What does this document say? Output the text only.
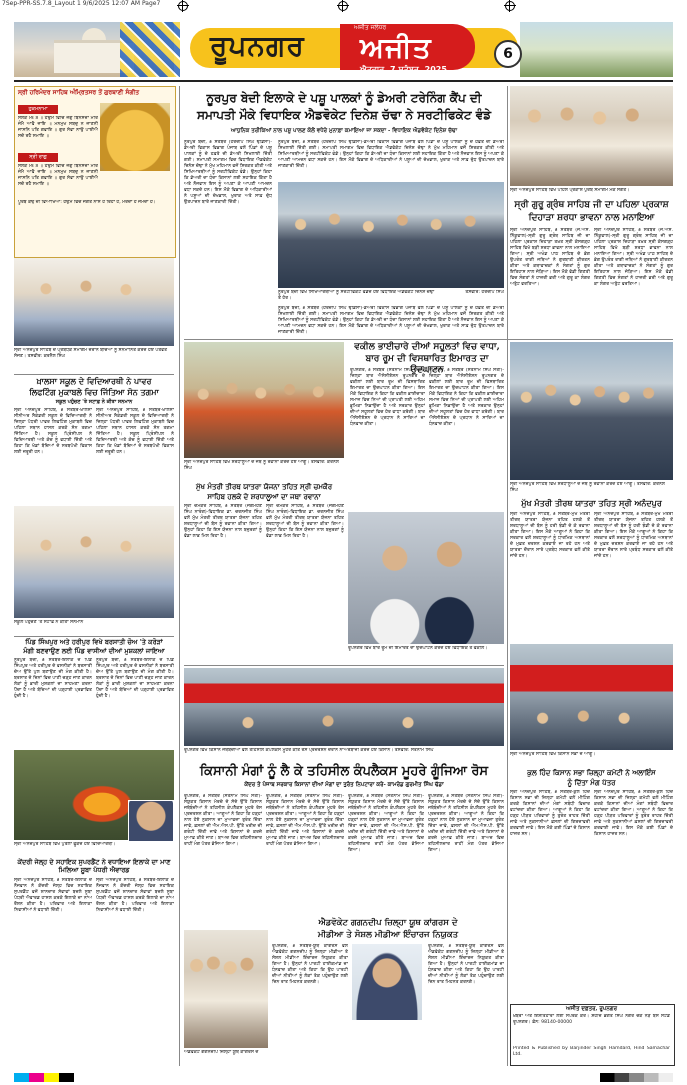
7Sep-PPR-SS.7.8_Layout 1 9/6/2025 12:07 AM Page7
ਰੂਪਨਗਰ
ਅਜੀਤ ਜਲੰਧਰ
ਅਜੀਤ
ਐਤਵਾਰ, 7 ਸਤੰਬਰ, 2025
6
ਸ੍ਰੀ ਹਰਿਮੰਦਰ ਸਾਹਿਬ ਅੰਮ੍ਰਿਤਸਰ ਤੋਂ ਗੁਰਬਾਣੀ ਸੰਗੀਤ
ਹੁਕਮਨਾਮਾ
ਸਲੋਕ ਮਃ ੩ ॥ ਹਉਮੈ ਵਿਚਿ ਜਗੁ ਬਿਨਸਦਾ ਮਰਿ ਜੰਮੈ ਆਵੈ ਜਾਇ ॥ ਮਨਮੁਖ ਸਬਦੁ ਨ ਜਾਣਨੀ ਜਾਸਨਿ ਪਤਿ ਗਵਾਇ ॥ ਗੁਰ ਸੇਵਾ ਨਾਉ ਪਾਈਐ ਸਚੇ ਰਹੈ ਸਮਾਇ ॥
ਸ੍ਰੀ ਰਾਗੁ
ਸਲੋਕ ਮਃ ੩ ॥ ਹਉਮੈ ਵਿਚਿ ਜਗੁ ਬਿਨਸਦਾ ਮਰਿ ਜੰਮੈ ਆਵੈ ਜਾਇ ॥ ਮਨਮੁਖ ਸਬਦੁ ਨ ਜਾਣਨੀ ਜਾਸਨਿ ਪਤਿ ਗਵਾਇ ॥ ਗੁਰ ਸੇਵਾ ਨਾਉ ਪਾਈਐ ਸਚੇ ਰਹੈ ਸਮਾਇ ॥
ਪੂਰਬ ਕੰਢੇ ਦੀ ਵਿਆਖਿਆ: ਹਉਮੈ ਵਿਚ ਜਗਤ ਨਾਸ ਹੋ ਰਿਹਾ ਹੈ, ਮਰਦਾ ਹੈ ਜੰਮਦਾ ਹੈ।
ਸ੍ਰੀ ਅਨੰਦਪੁਰ ਸਾਹਿਬ ਦੇ ਪ੍ਰਬੰਧਕ ਸਮਾਗਮ ਦੌਰਾਨ ਬੱਚਿਆਂ ਨੂੰ ਸਨਮਾਨਿਤ ਕਰਦੇ ਹੋਏ ਪਤਵੰਤੇ ਸੱਜਣ। ਤਸਵੀਰ: ਕਰਨੈਲ ਸਿੰਘ
ਨੂਰਪੁਰ ਬੇਦੀ ਇਲਾਕੇ ਦੇ ਪਸ਼ੂ ਪਾਲਕਾਂ ਨੂੰ ਡੇਅਰੀ ਟਰੇਨਿੰਗ ਕੈਂਪ ਦੀ
ਸਮਾਪਤੀ ਮੌਕੇ ਵਿਧਾਇਕ ਐਡਵੋਕੇਟ ਦਿਨੇਸ਼ ਚੱਢਾ ਨੇ ਸਰਟੀਫਿਕੇਟ ਵੰਡੇ
ਆਧੁਨਿਕ ਤਰੀਕਿਆਂ ਨਾਲ ਪਸ਼ੂ ਪਾਲਣ ਕੋਲੋਂ ਵਧੇਰੇ ਮੁਨਾਫ਼ਾ ਕਮਾਇਆ ਜਾ ਸਕਦਾ - ਵਿਧਾਇਕ ਐਡਵੋਕੇਟ ਦਿਨੇਸ਼ ਚੱਢਾ
ਨੂਰਪੁਰ ਬੇਦੀ, ੬ ਸਤੰਬਰ (ਹਰਦੀਪ ਸਿੰਘ ਢੀਂਡਸਾ)-ਡੇਅਰੀ ਵਿਕਾਸ ਵਿਭਾਗ ਪੰਜਾਬ ਵਲੋਂ ਪਿੰਡਾਂ ਦੇ ਪਸ਼ੂ ਪਾਲਕਾਂ ਨੂੰ ਦੋ ਹਫ਼ਤੇ ਦੀ ਡੇਅਰੀ ਸਿਖਲਾਈ ਦਿੱਤੀ ਗਈ। ਸਮਾਪਤੀ ਸਮਾਗਮ ਵਿਚ ਵਿਧਾਇਕ ਐਡਵੋਕੇਟ ਦਿਨੇਸ਼ ਚੱਢਾ ਨੇ ਮੁੱਖ ਮਹਿਮਾਨ ਵਜੋਂ ਸ਼ਿਰਕਤ ਕੀਤੀ ਅਤੇ ਸਿਖਿਆਰਥੀਆਂ ਨੂੰ ਸਰਟੀਫਿਕੇਟ ਵੰਡੇ। ਉਨ੍ਹਾਂ ਕਿਹਾ ਕਿ ਡੇਅਰੀ ਦਾ ਧੰਦਾ ਕਿਸਾਨਾਂ ਲਈ ਸਹਾਇਕ ਕਿੱਤਾ ਹੈ ਅਤੇ ਨੌਜਵਾਨ ਇਸ ਨੂੰ ਅਪਣਾ ਕੇ ਆਪਣੀ ਆਮਦਨ ਵਧਾ ਸਕਦੇ ਹਨ। ਇਸ ਮੌਕੇ ਵਿਭਾਗ ਦੇ ਅਧਿਕਾਰੀਆਂ ਨੇ ਪਸ਼ੂਆਂ ਦੀ ਦੇਖਭਾਲ, ਖੁਰਾਕ ਅਤੇ ਸਾਫ਼ ਦੁੱਧ ਉਤਪਾਦਨ ਬਾਰੇ ਜਾਣਕਾਰੀ ਦਿੱਤੀ।
ਨੂਰਪੁਰ ਬੇਦੀ, ੬ ਸਤੰਬਰ (ਹਰਦੀਪ ਸਿੰਘ ਢੀਂਡਸਾ)-ਡੇਅਰੀ ਵਿਕਾਸ ਵਿਭਾਗ ਪੰਜਾਬ ਵਲੋਂ ਪਿੰਡਾਂ ਦੇ ਪਸ਼ੂ ਪਾਲਕਾਂ ਨੂੰ ਦੋ ਹਫ਼ਤੇ ਦੀ ਡੇਅਰੀ ਸਿਖਲਾਈ ਦਿੱਤੀ ਗਈ। ਸਮਾਪਤੀ ਸਮਾਗਮ ਵਿਚ ਵਿਧਾਇਕ ਐਡਵੋਕੇਟ ਦਿਨੇਸ਼ ਚੱਢਾ ਨੇ ਮੁੱਖ ਮਹਿਮਾਨ ਵਜੋਂ ਸ਼ਿਰਕਤ ਕੀਤੀ ਅਤੇ ਸਿਖਿਆਰਥੀਆਂ ਨੂੰ ਸਰਟੀਫਿਕੇਟ ਵੰਡੇ। ਉਨ੍ਹਾਂ ਕਿਹਾ ਕਿ ਡੇਅਰੀ ਦਾ ਧੰਦਾ ਕਿਸਾਨਾਂ ਲਈ ਸਹਾਇਕ ਕਿੱਤਾ ਹੈ ਅਤੇ ਨੌਜਵਾਨ ਇਸ ਨੂੰ ਅਪਣਾ ਕੇ ਆਪਣੀ ਆਮਦਨ ਵਧਾ ਸਕਦੇ ਹਨ। ਇਸ ਮੌਕੇ ਵਿਭਾਗ ਦੇ ਅਧਿਕਾਰੀਆਂ ਨੇ ਪਸ਼ੂਆਂ ਦੀ ਦੇਖਭਾਲ, ਖੁਰਾਕ ਅਤੇ ਸਾਫ਼ ਦੁੱਧ ਉਤਪਾਦਨ ਬਾਰੇ ਜਾਣਕਾਰੀ ਦਿੱਤੀ।
ਨੂਰਪੁਰ ਬੇਦੀ ਵਿਖੇ ਸਿਖਿਆਰਥੀਆਂ ਨੂੰ ਸਰਟੀਫਿਕੇਟ ਵੰਡਦੇ ਹੋਏ ਵਿਧਾਇਕ ਐਡਵੋਕੇਟ ਦਿਨੇਸ਼ ਚੱਢਾ ਤੇ ਹੋਰ।
ਤਸਵੀਰ: ਹਰਦੀਪ ਸਿੰਘ
ਨੂਰਪੁਰ ਬੇਦੀ, ੬ ਸਤੰਬਰ (ਹਰਦੀਪ ਸਿੰਘ ਢੀਂਡਸਾ)-ਡੇਅਰੀ ਵਿਕਾਸ ਵਿਭਾਗ ਪੰਜਾਬ ਵਲੋਂ ਪਿੰਡਾਂ ਦੇ ਪਸ਼ੂ ਪਾਲਕਾਂ ਨੂੰ ਦੋ ਹਫ਼ਤੇ ਦੀ ਡੇਅਰੀ ਸਿਖਲਾਈ ਦਿੱਤੀ ਗਈ। ਸਮਾਪਤੀ ਸਮਾਗਮ ਵਿਚ ਵਿਧਾਇਕ ਐਡਵੋਕੇਟ ਦਿਨੇਸ਼ ਚੱਢਾ ਨੇ ਮੁੱਖ ਮਹਿਮਾਨ ਵਜੋਂ ਸ਼ਿਰਕਤ ਕੀਤੀ ਅਤੇ ਸਿਖਿਆਰਥੀਆਂ ਨੂੰ ਸਰਟੀਫਿਕੇਟ ਵੰਡੇ। ਉਨ੍ਹਾਂ ਕਿਹਾ ਕਿ ਡੇਅਰੀ ਦਾ ਧੰਦਾ ਕਿਸਾਨਾਂ ਲਈ ਸਹਾਇਕ ਕਿੱਤਾ ਹੈ ਅਤੇ ਨੌਜਵਾਨ ਇਸ ਨੂੰ ਅਪਣਾ ਕੇ ਆਪਣੀ ਆਮਦਨ ਵਧਾ ਸਕਦੇ ਹਨ। ਇਸ ਮੌਕੇ ਵਿਭਾਗ ਦੇ ਅਧਿਕਾਰੀਆਂ ਨੇ ਪਸ਼ੂਆਂ ਦੀ ਦੇਖਭਾਲ, ਖੁਰਾਕ ਅਤੇ ਸਾਫ਼ ਦੁੱਧ ਉਤਪਾਦਨ ਬਾਰੇ ਜਾਣਕਾਰੀ ਦਿੱਤੀ।
ਸ੍ਰੀ ਅਨੰਦਪੁਰ ਸਾਹਿਬ ਵਿਖੇ ਪਹਿਲੇ ਪ੍ਰਕਾਸ਼ ਪੁਰਬ ਸਮਾਗਮ ਮੌਕੇ ਸੰਗਤ।
ਸ੍ਰੀ ਗੁਰੂ ਗ੍ਰੰਥ ਸਾਹਿਬ ਜੀ ਦਾ ਪਹਿਲਾ ਪ੍ਰਕਾਸ਼
ਦਿਹਾੜਾ ਸ਼ਰਧਾ ਭਾਵਨਾ ਨਾਲ ਮਨਾਇਆ
ਸ੍ਰੀ ਅਨੰਦਪੁਰ ਸਾਹਿਬ, ੬ ਸਤੰਬਰ (ਜੇ.ਐਸ. ਨਿੱਕੂਵਾਲ)-ਸ੍ਰੀ ਗੁਰੂ ਗ੍ਰੰਥ ਸਾਹਿਬ ਜੀ ਦਾ ਪਹਿਲਾ ਪ੍ਰਕਾਸ਼ ਦਿਹਾੜਾ ਤਖ਼ਤ ਸ੍ਰੀ ਕੇਸਗੜ੍ਹ ਸਾਹਿਬ ਵਿਖੇ ਬੜੀ ਸ਼ਰਧਾ ਭਾਵਨਾ ਨਾਲ ਮਨਾਇਆ ਗਿਆ। ਸ੍ਰੀ ਅਖੰਡ ਪਾਠ ਸਾਹਿਬ ਦੇ ਭੋਗ ਉਪਰੰਤ ਰਾਗੀ ਜਥਿਆਂ ਨੇ ਗੁਰਬਾਣੀ ਕੀਰਤਨ ਕੀਤਾ ਅਤੇ ਕਥਾਵਾਚਕਾਂ ਨੇ ਸੰਗਤਾਂ ਨੂੰ ਗੁਰ ਇਤਿਹਾਸ ਨਾਲ ਜੋੜਿਆ। ਇਸ ਮੌਕੇ ਵੱਡੀ ਗਿਣਤੀ ਵਿਚ ਸੰਗਤਾਂ ਨੇ ਹਾਜ਼ਰੀ ਭਰੀ ਅਤੇ ਗੁਰੂ ਕਾ ਲੰਗਰ ਅਤੁੱਟ ਵਰਤਿਆ।
ਸ੍ਰੀ ਅਨੰਦਪੁਰ ਸਾਹਿਬ, ੬ ਸਤੰਬਰ (ਜੇ.ਐਸ. ਨਿੱਕੂਵਾਲ)-ਸ੍ਰੀ ਗੁਰੂ ਗ੍ਰੰਥ ਸਾਹਿਬ ਜੀ ਦਾ ਪਹਿਲਾ ਪ੍ਰਕਾਸ਼ ਦਿਹਾੜਾ ਤਖ਼ਤ ਸ੍ਰੀ ਕੇਸਗੜ੍ਹ ਸਾਹਿਬ ਵਿਖੇ ਬੜੀ ਸ਼ਰਧਾ ਭਾਵਨਾ ਨਾਲ ਮਨਾਇਆ ਗਿਆ। ਸ੍ਰੀ ਅਖੰਡ ਪਾਠ ਸਾਹਿਬ ਦੇ ਭੋਗ ਉਪਰੰਤ ਰਾਗੀ ਜਥਿਆਂ ਨੇ ਗੁਰਬਾਣੀ ਕੀਰਤਨ ਕੀਤਾ ਅਤੇ ਕਥਾਵਾਚਕਾਂ ਨੇ ਸੰਗਤਾਂ ਨੂੰ ਗੁਰ ਇਤਿਹਾਸ ਨਾਲ ਜੋੜਿਆ। ਇਸ ਮੌਕੇ ਵੱਡੀ ਗਿਣਤੀ ਵਿਚ ਸੰਗਤਾਂ ਨੇ ਹਾਜ਼ਰੀ ਭਰੀ ਅਤੇ ਗੁਰੂ ਕਾ ਲੰਗਰ ਅਤੁੱਟ ਵਰਤਿਆ।
ਖ਼ਾਲਸਾ ਸਕੂਲ ਦੇ ਵਿਦਿਆਰਥੀ ਨੇ ਪਾਵਰ
ਲਿਫਟਿੰਗ ਮੁਕਾਬਲੇ ਵਿਚ ਜਿੱਤਿਆ ਸੋਨ ਤਗਮਾ
ਸਕੂਲ ਪਹੁੰਚਣ 'ਤੇ ਸਟਾਫ਼ ਨੇ ਕੀਤਾ ਸਨਮਾਨ
ਸ੍ਰੀ ਅਨੰਦਪੁਰ ਸਾਹਿਬ, ੬ ਸਤੰਬਰ-ਖ਼ਾਲਸਾ ਸੀਨੀਅਰ ਸੈਕੰਡਰੀ ਸਕੂਲ ਦੇ ਵਿਦਿਆਰਥੀ ਨੇ ਜ਼ਿਲ੍ਹਾ ਪੱਧਰੀ ਪਾਵਰ ਲਿਫਟਿੰਗ ਮੁਕਾਬਲੇ ਵਿਚ ਪਹਿਲਾ ਸਥਾਨ ਹਾਸਲ ਕਰਕੇ ਸੋਨ ਤਗਮਾ ਜਿੱਤਿਆ ਹੈ। ਸਕੂਲ ਪ੍ਰਿੰਸੀਪਲ ਨੇ ਵਿਦਿਆਰਥੀ ਅਤੇ ਕੋਚ ਨੂੰ ਵਧਾਈ ਦਿੱਤੀ ਅਤੇ ਕਿਹਾ ਕਿ ਖੇਡਾਂ ਬੱਚਿਆਂ ਦੇ ਸਰਬਪੱਖੀ ਵਿਕਾਸ ਲਈ ਜ਼ਰੂਰੀ ਹਨ।
ਸ੍ਰੀ ਅਨੰਦਪੁਰ ਸਾਹਿਬ, ੬ ਸਤੰਬਰ-ਖ਼ਾਲਸਾ ਸੀਨੀਅਰ ਸੈਕੰਡਰੀ ਸਕੂਲ ਦੇ ਵਿਦਿਆਰਥੀ ਨੇ ਜ਼ਿਲ੍ਹਾ ਪੱਧਰੀ ਪਾਵਰ ਲਿਫਟਿੰਗ ਮੁਕਾਬਲੇ ਵਿਚ ਪਹਿਲਾ ਸਥਾਨ ਹਾਸਲ ਕਰਕੇ ਸੋਨ ਤਗਮਾ ਜਿੱਤਿਆ ਹੈ। ਸਕੂਲ ਪ੍ਰਿੰਸੀਪਲ ਨੇ ਵਿਦਿਆਰਥੀ ਅਤੇ ਕੋਚ ਨੂੰ ਵਧਾਈ ਦਿੱਤੀ ਅਤੇ ਕਿਹਾ ਕਿ ਖੇਡਾਂ ਬੱਚਿਆਂ ਦੇ ਸਰਬਪੱਖੀ ਵਿਕਾਸ ਲਈ ਜ਼ਰੂਰੀ ਹਨ।
ਸਕੂਲ ਪਹੁੰਚਣ 'ਤੇ ਸਟਾਫ਼ ਨੇ ਕੀਤਾ ਸਨਮਾਨ
ਸ੍ਰੀ ਅਨੰਦਪੁਰ ਸਾਹਿਬ ਵਿਖੇ ਸ਼ਰਧਾਲੂਆਂ ਦੇ ਜਥੇ ਨੂੰ ਰਵਾਨਾ ਕਰਦੇ ਹੋਏ ਆਗੂ। ਤਸਵੀਰ: ਕਰਨੈਲ ਸਿੰਘ
ਵਕੀਲ ਭਾਈਚਾਰੇ ਦੀਆਂ ਸਹੂਲਤਾਂ ਵਿਚ ਵਾਧਾ,
ਬਾਰ ਰੂਮ ਦੀ ਵਿਸਥਾਰਿਤ ਇਮਾਰਤ ਦਾ ਉਦਘਾਟਨ
ਰੂਪਨਗਰ, ੬ ਸਤੰਬਰ (ਸਤਨਾਮ ਸਿੰਘ ਸੱਤੀ)-ਜ਼ਿਲ੍ਹਾ ਬਾਰ ਐਸੋਸੀਏਸ਼ਨ ਰੂਪਨਗਰ ਦੇ ਵਕੀਲਾਂ ਲਈ ਬਾਰ ਰੂਮ ਦੀ ਵਿਸਥਾਰਿਤ ਇਮਾਰਤ ਦਾ ਉਦਘਾਟਨ ਕੀਤਾ ਗਿਆ। ਇਸ ਮੌਕੇ ਵਿਧਾਇਕ ਨੇ ਕਿਹਾ ਕਿ ਵਕੀਲ ਭਾਈਚਾਰਾ ਸਮਾਜ ਵਿਚ ਨਿਆਂ ਦੀ ਪ੍ਰਾਪਤੀ ਲਈ ਅਹਿਮ ਭੂਮਿਕਾ ਨਿਭਾਉਂਦਾ ਹੈ ਅਤੇ ਸਰਕਾਰ ਉਨ੍ਹਾਂ ਦੀਆਂ ਸਹੂਲਤਾਂ ਵਿਚ ਹੋਰ ਵਾਧਾ ਕਰੇਗੀ। ਬਾਰ ਐਸੋਸੀਏਸ਼ਨ ਦੇ ਪ੍ਰਧਾਨ ਨੇ ਸਾਰਿਆਂ ਦਾ ਧੰਨਵਾਦ ਕੀਤਾ।
ਰੂਪਨਗਰ, ੬ ਸਤੰਬਰ (ਸਤਨਾਮ ਸਿੰਘ ਸੱਤੀ)-ਜ਼ਿਲ੍ਹਾ ਬਾਰ ਐਸੋਸੀਏਸ਼ਨ ਰੂਪਨਗਰ ਦੇ ਵਕੀਲਾਂ ਲਈ ਬਾਰ ਰੂਮ ਦੀ ਵਿਸਥਾਰਿਤ ਇਮਾਰਤ ਦਾ ਉਦਘਾਟਨ ਕੀਤਾ ਗਿਆ। ਇਸ ਮੌਕੇ ਵਿਧਾਇਕ ਨੇ ਕਿਹਾ ਕਿ ਵਕੀਲ ਭਾਈਚਾਰਾ ਸਮਾਜ ਵਿਚ ਨਿਆਂ ਦੀ ਪ੍ਰਾਪਤੀ ਲਈ ਅਹਿਮ ਭੂਮਿਕਾ ਨਿਭਾਉਂਦਾ ਹੈ ਅਤੇ ਸਰਕਾਰ ਉਨ੍ਹਾਂ ਦੀਆਂ ਸਹੂਲਤਾਂ ਵਿਚ ਹੋਰ ਵਾਧਾ ਕਰੇਗੀ। ਬਾਰ ਐਸੋਸੀਏਸ਼ਨ ਦੇ ਪ੍ਰਧਾਨ ਨੇ ਸਾਰਿਆਂ ਦਾ ਧੰਨਵਾਦ ਕੀਤਾ।
ਮੁੱਖ ਮੰਤਰੀ ਤੀਰਥ ਯਾਤਰਾ ਯੋਜਨਾ ਤਹਿਤ ਸ੍ਰੀ ਚਮਕੌਰ
ਸਾਹਿਬ ਹਲਕੇ ਦੇ ਸ਼ਰਧਾਲੂਆਂ ਦਾ ਜਥਾ ਰਵਾਨਾ
ਸ੍ਰੀ ਚਮਕੌਰ ਸਾਹਿਬ, ੬ ਸਤੰਬਰ (ਜਗਮੋਹਣ ਸਿੰਘ ਨਾਰੰਗ)-ਵਿਧਾਇਕ ਡਾ. ਚਰਨਜੀਤ ਸਿੰਘ ਵਲੋਂ ਮੁੱਖ ਮੰਤਰੀ ਤੀਰਥ ਯਾਤਰਾ ਯੋਜਨਾ ਤਹਿਤ ਸ਼ਰਧਾਲੂਆਂ ਦੀ ਬੱਸ ਨੂੰ ਰਵਾਨਾ ਕੀਤਾ ਗਿਆ। ਉਨ੍ਹਾਂ ਕਿਹਾ ਕਿ ਇਸ ਯੋਜਨਾ ਨਾਲ ਬਜ਼ੁਰਗਾਂ ਨੂੰ ਵੱਡਾ ਲਾਭ ਮਿਲ ਰਿਹਾ ਹੈ।
ਸ੍ਰੀ ਚਮਕੌਰ ਸਾਹਿਬ, ੬ ਸਤੰਬਰ (ਜਗਮੋਹਣ ਸਿੰਘ ਨਾਰੰਗ)-ਵਿਧਾਇਕ ਡਾ. ਚਰਨਜੀਤ ਸਿੰਘ ਵਲੋਂ ਮੁੱਖ ਮੰਤਰੀ ਤੀਰਥ ਯਾਤਰਾ ਯੋਜਨਾ ਤਹਿਤ ਸ਼ਰਧਾਲੂਆਂ ਦੀ ਬੱਸ ਨੂੰ ਰਵਾਨਾ ਕੀਤਾ ਗਿਆ। ਉਨ੍ਹਾਂ ਕਿਹਾ ਕਿ ਇਸ ਯੋਜਨਾ ਨਾਲ ਬਜ਼ੁਰਗਾਂ ਨੂੰ ਵੱਡਾ ਲਾਭ ਮਿਲ ਰਿਹਾ ਹੈ।
ਰੂਪਨਗਰ ਵਿਖੇ ਬਾਰ ਰੂਮ ਦੀ ਇਮਾਰਤ ਦਾ ਉਦਘਾਟਨ ਕਰਦੇ ਹੋਏ ਵਿਧਾਇਕ ਤੇ ਵਕੀਲ।
ਸ੍ਰੀ ਅਨੰਦਪੁਰ ਸਾਹਿਬ ਵਿਖੇ ਸ਼ਰਧਾਲੂਆਂ ਦੇ ਜਥੇ ਨੂੰ ਰਵਾਨਾ ਕਰਦੇ ਹੋਏ ਆਗੂ। ਤਸਵੀਰ: ਕਰਨੈਲ ਸਿੰਘ
ਮੁੱਖ ਮੰਤਰੀ ਤੀਰਥ ਯਾਤਰਾ ਤਹਿਤ ਸ੍ਰੀ ਅਨੰਦਪੁਰ
ਸ੍ਰੀ ਅਨੰਦਪੁਰ ਸਾਹਿਬ, ੬ ਸਤੰਬਰ-ਮੁੱਖ ਮੰਤਰੀ ਤੀਰਥ ਯਾਤਰਾ ਯੋਜਨਾ ਤਹਿਤ ਹਲਕੇ ਤੋਂ ਸ਼ਰਧਾਲੂਆਂ ਦੀ ਬੱਸ ਨੂੰ ਹਰੀ ਝੰਡੀ ਦੇ ਕੇ ਰਵਾਨਾ ਕੀਤਾ ਗਿਆ। ਇਸ ਮੌਕੇ ਆਗੂਆਂ ਨੇ ਕਿਹਾ ਕਿ ਸਰਕਾਰ ਵਲੋਂ ਸ਼ਰਧਾਲੂਆਂ ਨੂੰ ਧਾਰਮਿਕ ਅਸਥਾਨਾਂ ਦੇ ਮੁਫ਼ਤ ਦਰਸ਼ਨ ਕਰਵਾਏ ਜਾ ਰਹੇ ਹਨ ਅਤੇ ਯਾਤਰਾ ਦੌਰਾਨ ਸਾਰੇ ਪ੍ਰਬੰਧ ਸਰਕਾਰ ਵਲੋਂ ਕੀਤੇ ਜਾਂਦੇ ਹਨ।
ਸ੍ਰੀ ਅਨੰਦਪੁਰ ਸਾਹਿਬ, ੬ ਸਤੰਬਰ-ਮੁੱਖ ਮੰਤਰੀ ਤੀਰਥ ਯਾਤਰਾ ਯੋਜਨਾ ਤਹਿਤ ਹਲਕੇ ਤੋਂ ਸ਼ਰਧਾਲੂਆਂ ਦੀ ਬੱਸ ਨੂੰ ਹਰੀ ਝੰਡੀ ਦੇ ਕੇ ਰਵਾਨਾ ਕੀਤਾ ਗਿਆ। ਇਸ ਮੌਕੇ ਆਗੂਆਂ ਨੇ ਕਿਹਾ ਕਿ ਸਰਕਾਰ ਵਲੋਂ ਸ਼ਰਧਾਲੂਆਂ ਨੂੰ ਧਾਰਮਿਕ ਅਸਥਾਨਾਂ ਦੇ ਮੁਫ਼ਤ ਦਰਸ਼ਨ ਕਰਵਾਏ ਜਾ ਰਹੇ ਹਨ ਅਤੇ ਯਾਤਰਾ ਦੌਰਾਨ ਸਾਰੇ ਪ੍ਰਬੰਧ ਸਰਕਾਰ ਵਲੋਂ ਕੀਤੇ ਜਾਂਦੇ ਹਨ।
ਪਿੰਡ ਸਿੰਘਪੁਰ ਅਤੇ ਹਰੀਪੁਰ ਵਿਖੇ ਬਰਸਾਤੀ ਚੋਅ 'ਤੇ ਕਰੋੜਾਂ
ਮੰਗੀ ਬਣਵਾਉਣ ਲਈ ਪਿੰਡ ਵਾਸੀਆਂ ਦੀਆਂ ਮੁਸ਼ਕਲਾਂ ਜਾਇਆ
ਨੂਰਪੁਰ ਬੇਦੀ, ੬ ਸਤੰਬਰ-ਇਲਾਕੇ ਦੇ ਪਿੰਡ ਸਿੰਘਪੁਰ ਅਤੇ ਹਰੀਪੁਰ ਦੇ ਵਸਨੀਕਾਂ ਨੇ ਬਰਸਾਤੀ ਚੋਅ ਉੱਤੇ ਪੁਲ ਬਣਾਉਣ ਦੀ ਮੰਗ ਕੀਤੀ ਹੈ। ਬਰਸਾਤ ਦੇ ਦਿਨਾਂ ਵਿਚ ਪਾਣੀ ਚੜ੍ਹ ਜਾਣ ਕਾਰਨ ਲੋਕਾਂ ਨੂੰ ਭਾਰੀ ਮੁਸ਼ਕਲਾਂ ਦਾ ਸਾਹਮਣਾ ਕਰਨਾ ਪੈਂਦਾ ਹੈ ਅਤੇ ਬੱਚਿਆਂ ਦੀ ਪੜ੍ਹਾਈ ਪ੍ਰਭਾਵਿਤ ਹੁੰਦੀ ਹੈ।
ਨੂਰਪੁਰ ਬੇਦੀ, ੬ ਸਤੰਬਰ-ਇਲਾਕੇ ਦੇ ਪਿੰਡ ਸਿੰਘਪੁਰ ਅਤੇ ਹਰੀਪੁਰ ਦੇ ਵਸਨੀਕਾਂ ਨੇ ਬਰਸਾਤੀ ਚੋਅ ਉੱਤੇ ਪੁਲ ਬਣਾਉਣ ਦੀ ਮੰਗ ਕੀਤੀ ਹੈ। ਬਰਸਾਤ ਦੇ ਦਿਨਾਂ ਵਿਚ ਪਾਣੀ ਚੜ੍ਹ ਜਾਣ ਕਾਰਨ ਲੋਕਾਂ ਨੂੰ ਭਾਰੀ ਮੁਸ਼ਕਲਾਂ ਦਾ ਸਾਹਮਣਾ ਕਰਨਾ ਪੈਂਦਾ ਹੈ ਅਤੇ ਬੱਚਿਆਂ ਦੀ ਪੜ੍ਹਾਈ ਪ੍ਰਭਾਵਿਤ ਹੁੰਦੀ ਹੈ।
ਸ੍ਰੀ ਅਨੰਦਪੁਰ ਸਾਹਿਬ ਵਿਖੇ ਕਿਸਾਨ ਸਭਾ ਦੇ ਆਗੂ।
ਕੁਲ ਹਿੰਦ ਕਿਸਾਨ ਸਭਾ ਜ਼ਿਲ੍ਹਾ ਕਮੇਟੀ ਨੇ ਅਲਾਇੰਸ
ਨੂੰ ਦਿੱਤਾ ਮੰਗ ਪੱਤਰ
ਸ੍ਰੀ ਅਨੰਦਪੁਰ ਸਾਹਿਬ, ੬ ਸਤੰਬਰ-ਕੁਲ ਹਿੰਦ ਕਿਸਾਨ ਸਭਾ ਦੀ ਜ਼ਿਲ੍ਹਾ ਕਮੇਟੀ ਵਲੋਂ ਮੀਟਿੰਗ ਕਰਕੇ ਕਿਸਾਨਾਂ ਦੀਆਂ ਮੰਗਾਂ ਸਬੰਧੀ ਵਿਚਾਰ ਵਟਾਂਦਰਾ ਕੀਤਾ ਗਿਆ। ਆਗੂਆਂ ਨੇ ਕਿਹਾ ਕਿ ਹੜ੍ਹ ਪੀੜਤ ਪਰਿਵਾਰਾਂ ਨੂੰ ਤੁਰੰਤ ਰਾਹਤ ਦਿੱਤੀ ਜਾਵੇ ਅਤੇ ਨੁਕਸਾਨੀਆਂ ਫ਼ਸਲਾਂ ਦੀ ਗਿਰਦਾਵਰੀ ਕਰਵਾਈ ਜਾਵੇ। ਇਸ ਮੌਕੇ ਕਈ ਪਿੰਡਾਂ ਦੇ ਕਿਸਾਨ ਹਾਜ਼ਰ ਸਨ।
ਸ੍ਰੀ ਅਨੰਦਪੁਰ ਸਾਹਿਬ, ੬ ਸਤੰਬਰ-ਕੁਲ ਹਿੰਦ ਕਿਸਾਨ ਸਭਾ ਦੀ ਜ਼ਿਲ੍ਹਾ ਕਮੇਟੀ ਵਲੋਂ ਮੀਟਿੰਗ ਕਰਕੇ ਕਿਸਾਨਾਂ ਦੀਆਂ ਮੰਗਾਂ ਸਬੰਧੀ ਵਿਚਾਰ ਵਟਾਂਦਰਾ ਕੀਤਾ ਗਿਆ। ਆਗੂਆਂ ਨੇ ਕਿਹਾ ਕਿ ਹੜ੍ਹ ਪੀੜਤ ਪਰਿਵਾਰਾਂ ਨੂੰ ਤੁਰੰਤ ਰਾਹਤ ਦਿੱਤੀ ਜਾਵੇ ਅਤੇ ਨੁਕਸਾਨੀਆਂ ਫ਼ਸਲਾਂ ਦੀ ਗਿਰਦਾਵਰੀ ਕਰਵਾਈ ਜਾਵੇ। ਇਸ ਮੌਕੇ ਕਈ ਪਿੰਡਾਂ ਦੇ ਕਿਸਾਨ ਹਾਜ਼ਰ ਸਨ।
ਰੂਪਨਗਰ ਵਿਖੇ ਕਿਸਾਨ ਜਥੇਬੰਦੀਆਂ ਵਲੋਂ ਤਹਿਸੀਲ ਕੰਪਲੈਕਸ ਮੂਹਰੇ ਕੀਤੇ ਰੋਸ ਪ੍ਰਦਰਸ਼ਨ ਦੌਰਾਨ ਨਾਅਰੇਬਾਜ਼ੀ ਕਰਦੇ ਹੋਏ ਕਿਸਾਨ। ਤਸਵੀਰ: ਸਤਨਾਮ ਸਿੰਘ
ਸ੍ਰੀ ਅਨੰਦਪੁਰ ਸਾਹਿਬ ਵਿਖੇ ਪੁਤਲਾ ਫੂਕਦੇ ਹੋਏ ਵਿਦਿਆਰਥੀ।
ਕੇਂਦਰੀ ਜੇਲ੍ਹ ਦੇ ਸਹਾਇਕ ਸੁਪਰਡੈਂਟ ਨੇ ਵਧਾਇਆ ਇਲਾਕੇ ਦਾ ਮਾਣ ਮਿਲਿਆ ਸੂਬਾ ਪੱਧਰੀ ਐਵਾਰਡ
ਸ੍ਰੀ ਅਨੰਦਪੁਰ ਸਾਹਿਬ, ੬ ਸਤੰਬਰ-ਇਲਾਕੇ ਦੇ ਨੌਜਵਾਨ ਨੇ ਕੇਂਦਰੀ ਜੇਲ੍ਹ ਵਿਚ ਸਹਾਇਕ ਸੁਪਰਡੈਂਟ ਵਜੋਂ ਸ਼ਾਨਦਾਰ ਸੇਵਾਵਾਂ ਬਦਲੇ ਸੂਬਾ ਪੱਧਰੀ ਐਵਾਰਡ ਹਾਸਲ ਕਰਕੇ ਇਲਾਕੇ ਦਾ ਨਾਂਅ ਰੌਸ਼ਨ ਕੀਤਾ ਹੈ। ਪਰਿਵਾਰ ਅਤੇ ਇਲਾਕਾ ਨਿਵਾਸੀਆਂ ਨੇ ਵਧਾਈ ਦਿੱਤੀ।
ਸ੍ਰੀ ਅਨੰਦਪੁਰ ਸਾਹਿਬ, ੬ ਸਤੰਬਰ-ਇਲਾਕੇ ਦੇ ਨੌਜਵਾਨ ਨੇ ਕੇਂਦਰੀ ਜੇਲ੍ਹ ਵਿਚ ਸਹਾਇਕ ਸੁਪਰਡੈਂਟ ਵਜੋਂ ਸ਼ਾਨਦਾਰ ਸੇਵਾਵਾਂ ਬਦਲੇ ਸੂਬਾ ਪੱਧਰੀ ਐਵਾਰਡ ਹਾਸਲ ਕਰਕੇ ਇਲਾਕੇ ਦਾ ਨਾਂਅ ਰੌਸ਼ਨ ਕੀਤਾ ਹੈ। ਪਰਿਵਾਰ ਅਤੇ ਇਲਾਕਾ ਨਿਵਾਸੀਆਂ ਨੇ ਵਧਾਈ ਦਿੱਤੀ।
ਕਿਸਾਨੀ ਮੰਗਾਂ ਨੂੰ ਲੈ ਕੇ ਤਹਿਸੀਲ ਕੰਪਲੈਕਸ ਮੂਹਰੇ ਗੂੰਜਿਆ ਰੋਸ
ਕੇਂਦਰ ਤੇ ਪੰਜਾਬ ਸਰਕਾਰ ਕਿਸਾਨਾਂ ਦੀਆਂ ਮੰਗਾਂ ਦਾ ਤੁਰੰਤ ਨਿਪਟਾਰਾ ਕਰੇ- ਕਾਮਰੇਡ ਗੁਰਮੀਤ ਸਿੰਘ ਢੱਡਾ
ਰੂਪਨਗਰ, ੬ ਸਤੰਬਰ (ਸਤਨਾਮ ਸਿੰਘ ਸੱਤੀ)-ਸੰਯੁਕਤ ਕਿਸਾਨ ਮੋਰਚੇ ਦੇ ਸੱਦੇ ਉੱਤੇ ਕਿਸਾਨ ਜਥੇਬੰਦੀਆਂ ਨੇ ਤਹਿਸੀਲ ਕੰਪਲੈਕਸ ਮੂਹਰੇ ਰੋਸ ਪ੍ਰਦਰਸ਼ਨ ਕੀਤਾ। ਆਗੂਆਂ ਨੇ ਕਿਹਾ ਕਿ ਹੜ੍ਹਾਂ ਨਾਲ ਹੋਏ ਨੁਕਸਾਨ ਦਾ ਮੁਆਵਜ਼ਾ ਤੁਰੰਤ ਦਿੱਤਾ ਜਾਵੇ, ਫ਼ਸਲਾਂ ਦੀ ਐਮ.ਐਸ.ਪੀ. ਉੱਤੇ ਖਰੀਦ ਦੀ ਗਰੰਟੀ ਦਿੱਤੀ ਜਾਵੇ ਅਤੇ ਕਿਸਾਨਾਂ ਦੇ ਕਰਜ਼ੇ ਮੁਆਫ਼ ਕੀਤੇ ਜਾਣ। ਬਾਅਦ ਵਿਚ ਤਹਿਸੀਲਦਾਰ ਰਾਹੀਂ ਮੰਗ ਪੱਤਰ ਭੇਜਿਆ ਗਿਆ।
ਰੂਪਨਗਰ, ੬ ਸਤੰਬਰ (ਸਤਨਾਮ ਸਿੰਘ ਸੱਤੀ)-ਸੰਯੁਕਤ ਕਿਸਾਨ ਮੋਰਚੇ ਦੇ ਸੱਦੇ ਉੱਤੇ ਕਿਸਾਨ ਜਥੇਬੰਦੀਆਂ ਨੇ ਤਹਿਸੀਲ ਕੰਪਲੈਕਸ ਮੂਹਰੇ ਰੋਸ ਪ੍ਰਦਰਸ਼ਨ ਕੀਤਾ। ਆਗੂਆਂ ਨੇ ਕਿਹਾ ਕਿ ਹੜ੍ਹਾਂ ਨਾਲ ਹੋਏ ਨੁਕਸਾਨ ਦਾ ਮੁਆਵਜ਼ਾ ਤੁਰੰਤ ਦਿੱਤਾ ਜਾਵੇ, ਫ਼ਸਲਾਂ ਦੀ ਐਮ.ਐਸ.ਪੀ. ਉੱਤੇ ਖਰੀਦ ਦੀ ਗਰੰਟੀ ਦਿੱਤੀ ਜਾਵੇ ਅਤੇ ਕਿਸਾਨਾਂ ਦੇ ਕਰਜ਼ੇ ਮੁਆਫ਼ ਕੀਤੇ ਜਾਣ। ਬਾਅਦ ਵਿਚ ਤਹਿਸੀਲਦਾਰ ਰਾਹੀਂ ਮੰਗ ਪੱਤਰ ਭੇਜਿਆ ਗਿਆ।
ਰੂਪਨਗਰ, ੬ ਸਤੰਬਰ (ਸਤਨਾਮ ਸਿੰਘ ਸੱਤੀ)-ਸੰਯੁਕਤ ਕਿਸਾਨ ਮੋਰਚੇ ਦੇ ਸੱਦੇ ਉੱਤੇ ਕਿਸਾਨ ਜਥੇਬੰਦੀਆਂ ਨੇ ਤਹਿਸੀਲ ਕੰਪਲੈਕਸ ਮੂਹਰੇ ਰੋਸ ਪ੍ਰਦਰਸ਼ਨ ਕੀਤਾ। ਆਗੂਆਂ ਨੇ ਕਿਹਾ ਕਿ ਹੜ੍ਹਾਂ ਨਾਲ ਹੋਏ ਨੁਕਸਾਨ ਦਾ ਮੁਆਵਜ਼ਾ ਤੁਰੰਤ ਦਿੱਤਾ ਜਾਵੇ, ਫ਼ਸਲਾਂ ਦੀ ਐਮ.ਐਸ.ਪੀ. ਉੱਤੇ ਖਰੀਦ ਦੀ ਗਰੰਟੀ ਦਿੱਤੀ ਜਾਵੇ ਅਤੇ ਕਿਸਾਨਾਂ ਦੇ ਕਰਜ਼ੇ ਮੁਆਫ਼ ਕੀਤੇ ਜਾਣ। ਬਾਅਦ ਵਿਚ ਤਹਿਸੀਲਦਾਰ ਰਾਹੀਂ ਮੰਗ ਪੱਤਰ ਭੇਜਿਆ ਗਿਆ।
ਰੂਪਨਗਰ, ੬ ਸਤੰਬਰ (ਸਤਨਾਮ ਸਿੰਘ ਸੱਤੀ)-ਸੰਯੁਕਤ ਕਿਸਾਨ ਮੋਰਚੇ ਦੇ ਸੱਦੇ ਉੱਤੇ ਕਿਸਾਨ ਜਥੇਬੰਦੀਆਂ ਨੇ ਤਹਿਸੀਲ ਕੰਪਲੈਕਸ ਮੂਹਰੇ ਰੋਸ ਪ੍ਰਦਰਸ਼ਨ ਕੀਤਾ। ਆਗੂਆਂ ਨੇ ਕਿਹਾ ਕਿ ਹੜ੍ਹਾਂ ਨਾਲ ਹੋਏ ਨੁਕਸਾਨ ਦਾ ਮੁਆਵਜ਼ਾ ਤੁਰੰਤ ਦਿੱਤਾ ਜਾਵੇ, ਫ਼ਸਲਾਂ ਦੀ ਐਮ.ਐਸ.ਪੀ. ਉੱਤੇ ਖਰੀਦ ਦੀ ਗਰੰਟੀ ਦਿੱਤੀ ਜਾਵੇ ਅਤੇ ਕਿਸਾਨਾਂ ਦੇ ਕਰਜ਼ੇ ਮੁਆਫ਼ ਕੀਤੇ ਜਾਣ। ਬਾਅਦ ਵਿਚ ਤਹਿਸੀਲਦਾਰ ਰਾਹੀਂ ਮੰਗ ਪੱਤਰ ਭੇਜਿਆ ਗਿਆ।
ਐਡਵੋਕੇਟ ਗਗਨਦੀਪ ਜ਼ਿਲ੍ਹਾ ਯੂਥ ਕਾਂਗਰਸ ਦੇ
ਮੀਡੀਆ ਤੇ ਸੋਸ਼ਲ ਮੀਡੀਆ ਇੰਚਾਰਜ ਨਿਯੁਕਤ
ਰੂਪਨਗਰ, ੬ ਸਤੰਬਰ-ਯੂਥ ਕਾਂਗਰਸ ਵਲੋਂ ਐਡਵੋਕੇਟ ਗਗਨਦੀਪ ਨੂੰ ਜ਼ਿਲ੍ਹਾ ਮੀਡੀਆ ਤੇ ਸੋਸ਼ਲ ਮੀਡੀਆ ਇੰਚਾਰਜ ਨਿਯੁਕਤ ਕੀਤਾ ਗਿਆ ਹੈ। ਉਨ੍ਹਾਂ ਨੇ ਪਾਰਟੀ ਹਾਈਕਮਾਂਡ ਦਾ ਧੰਨਵਾਦ ਕੀਤਾ ਅਤੇ ਕਿਹਾ ਕਿ ਉਹ ਪਾਰਟੀ ਦੀਆਂ ਨੀਤੀਆਂ ਨੂੰ ਲੋਕਾਂ ਤੱਕ ਪਹੁੰਚਾਉਣ ਲਈ ਦਿਨ ਰਾਤ ਮਿਹਨਤ ਕਰਨਗੇ।
ਰੂਪਨਗਰ, ੬ ਸਤੰਬਰ-ਯੂਥ ਕਾਂਗਰਸ ਵਲੋਂ ਐਡਵੋਕੇਟ ਗਗਨਦੀਪ ਨੂੰ ਜ਼ਿਲ੍ਹਾ ਮੀਡੀਆ ਤੇ ਸੋਸ਼ਲ ਮੀਡੀਆ ਇੰਚਾਰਜ ਨਿਯੁਕਤ ਕੀਤਾ ਗਿਆ ਹੈ। ਉਨ੍ਹਾਂ ਨੇ ਪਾਰਟੀ ਹਾਈਕਮਾਂਡ ਦਾ ਧੰਨਵਾਦ ਕੀਤਾ ਅਤੇ ਕਿਹਾ ਕਿ ਉਹ ਪਾਰਟੀ ਦੀਆਂ ਨੀਤੀਆਂ ਨੂੰ ਲੋਕਾਂ ਤੱਕ ਪਹੁੰਚਾਉਣ ਲਈ ਦਿਨ ਰਾਤ ਮਿਹਨਤ ਕਰਨਗੇ।
ਐਡਵੋਕੇਟ ਗਗਨਦੀਪ ਜ਼ਿਲ੍ਹਾ ਯੂਥ ਕਾਂਗਰਸ ਦੇ
ਅਜੀਤ ਦਫ਼ਤਰ, ਰੂਪਨਗਰ
ਖ਼ਬਰਾਂ ਅਤੇ ਇਸ਼ਤਿਹਾਰਾਂ ਲਈ ਸੰਪਰਕ ਕਰੋ। ਸ਼ਹੀਦ ਭਗਤ ਸਿੰਘ ਨਗਰ ਚੌਕ ਨੇੜੇ ਬੱਸ ਸਟੈਂਡ ਰੂਪਨਗਰ। ਫ਼ੋਨ: 98140-00000
Printed & Published by Barjinder Singh Hamdard, Hind Samachar Ltd.
